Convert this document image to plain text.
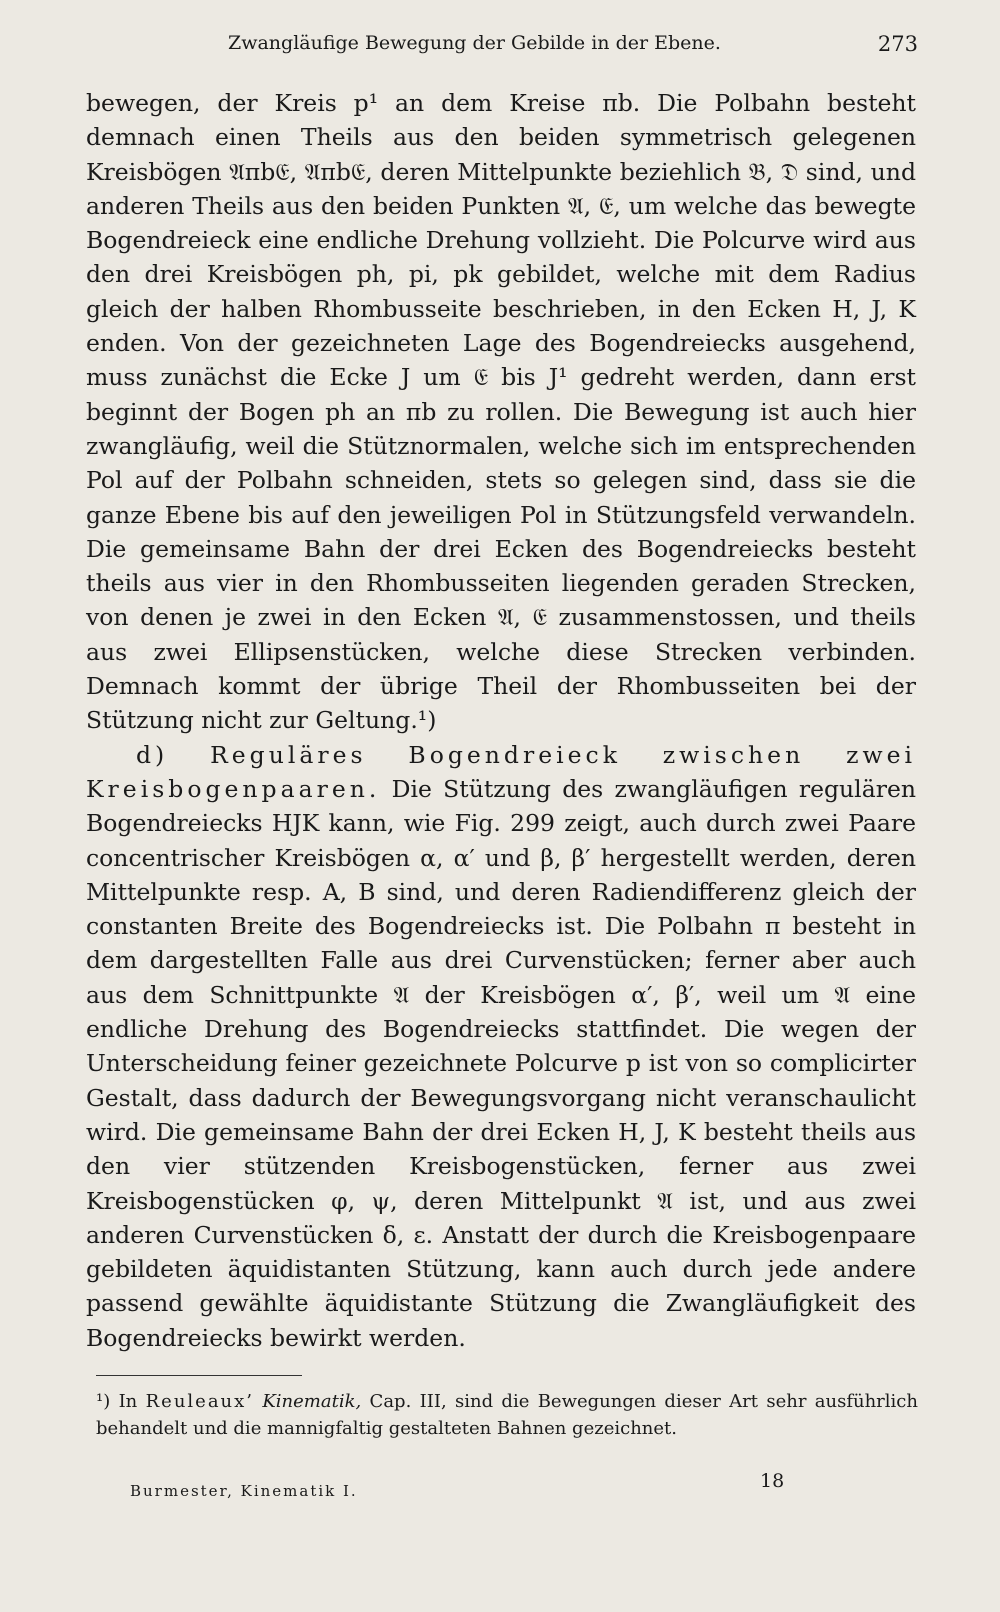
Zwangläufige Bewegung der Gebilde in der Ebene.	273

bewegen, der Kreis p¹ an dem Kreise πb. Die Polbahn besteht demnach einen Theils aus den beiden symmetrisch gelegenen Kreisbögen 𝔄πb𝔈, 𝔄πb𝔈, deren Mittelpunkte beziehlich 𝔅, 𝔇 sind, und anderen Theils aus den beiden Punkten 𝔄, 𝔈, um welche das bewegte Bogendreieck eine endliche Drehung vollzieht. Die Polcurve wird aus den drei Kreisbögen ph, pi, pk gebildet, welche mit dem Radius gleich der halben Rhombusseite beschrieben, in den Ecken H, J, K enden. Von der gezeichneten Lage des Bogendreiecks ausgehend, muss zunächst die Ecke J um 𝔈 bis J¹ gedreht werden, dann erst beginnt der Bogen ph an πb zu rollen. Die Bewegung ist auch hier zwangläufig, weil die Stütznormalen, welche sich im entsprechenden Pol auf der Polbahn schneiden, stets so gelegen sind, dass sie die ganze Ebene bis auf den jeweiligen Pol in Stützungsfeld verwandeln. Die gemeinsame Bahn der drei Ecken des Bogendreiecks besteht theils aus vier in den Rhombusseiten liegenden geraden Strecken, von denen je zwei in den Ecken 𝔄, 𝔈 zusammenstossen, und theils aus zwei Ellipsenstücken, welche diese Strecken verbinden. Demnach kommt der übrige Theil der Rhombusseiten bei der Stützung nicht zur Geltung.¹)

d) Reguläres Bogendreieck zwischen zwei Kreisbogenpaaren. Die Stützung des zwangläufigen regulären Bogendreiecks HJK kann, wie Fig. 299 zeigt, auch durch zwei Paare concentrischer Kreisbögen α, α′ und β, β′ hergestellt werden, deren Mittelpunkte resp. A, B sind, und deren Radiendifferenz gleich der constanten Breite des Bogendreiecks ist. Die Polbahn π besteht in dem dargestellten Falle aus drei Curvenstücken; ferner aber auch aus dem Schnittpunkte 𝔄 der Kreisbögen α′, β′, weil um 𝔄 eine endliche Drehung des Bogendreiecks stattfindet. Die wegen der Unterscheidung feiner gezeichnete Polcurve p ist von so complicirter Gestalt, dass dadurch der Bewegungsvorgang nicht veranschaulicht wird. Die gemeinsame Bahn der drei Ecken H, J, K besteht theils aus den vier stützenden Kreisbogenstücken, ferner aus zwei Kreisbogenstücken φ, ψ, deren Mittelpunkt 𝔄 ist, und aus zwei anderen Curvenstücken δ, ε. Anstatt der durch die Kreisbogenpaare gebildeten äquidistanten Stützung, kann auch durch jede andere passend gewählte äquidistante Stützung die Zwangläufigkeit des Bogendreiecks bewirkt werden.

¹) In Reuleaux’ Kinematik, Cap. III, sind die Bewegungen dieser Art sehr ausführlich behandelt und die mannigfaltig gestalteten Bahnen gezeichnet.
Burmester, Kinematik I.	18
